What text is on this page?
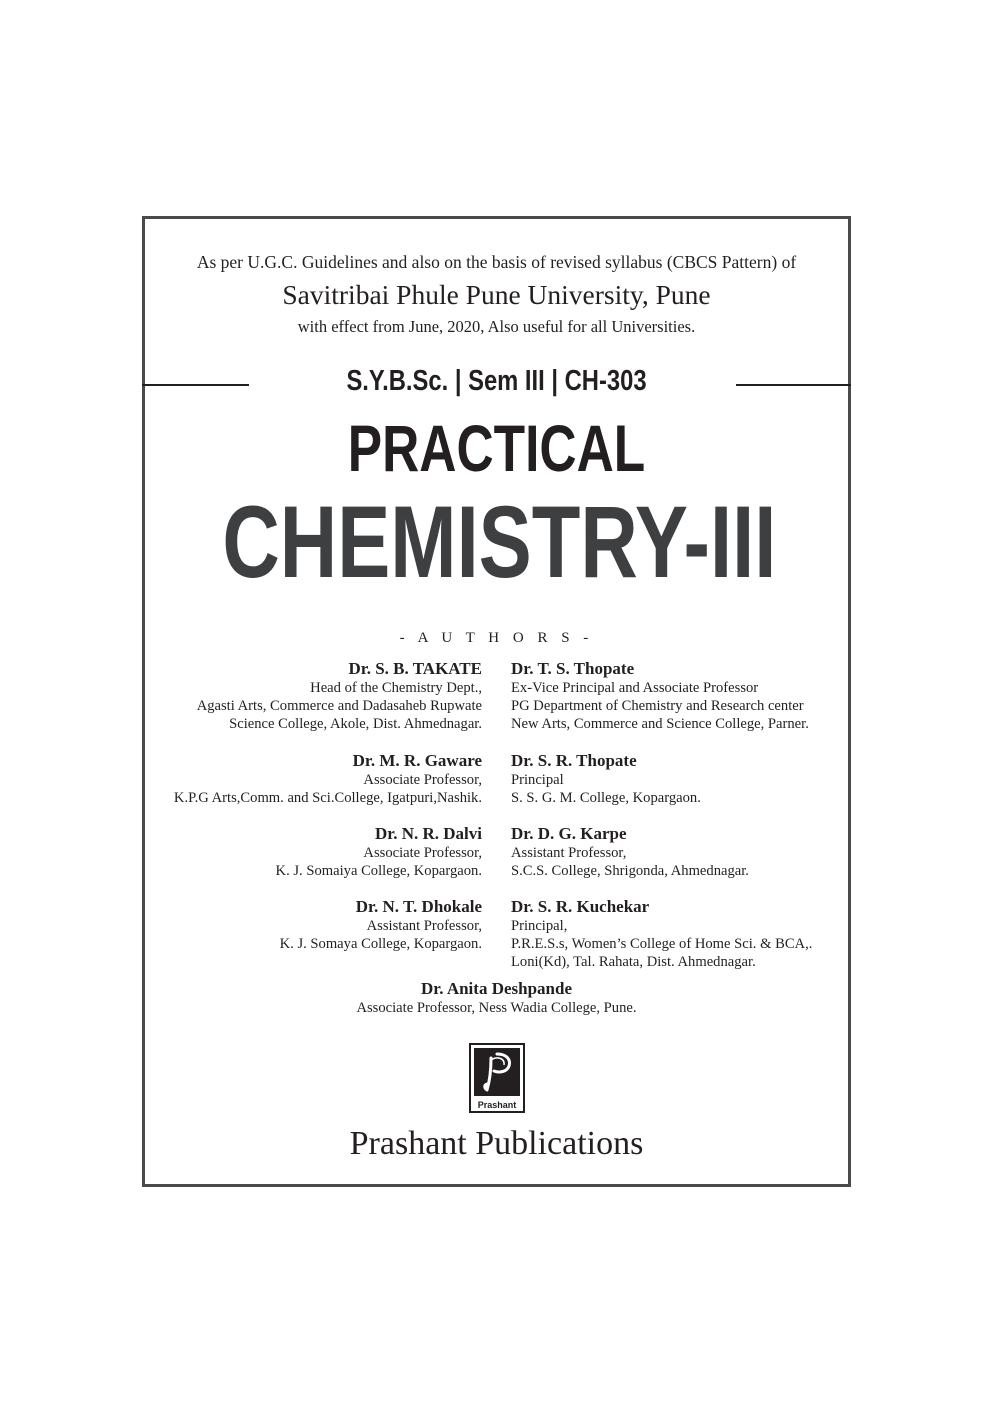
As per U.G.C. Guidelines and also on the basis of revised syllabus (CBCS Pattern) of
Savitribai Phule Pune University, Pune
with effect from June, 2020, Also useful for all Universities.
S.Y.B.Sc. | Sem III | CH-303
PRACTICAL
CHEMISTRY-III
- A U T H O R S -
Dr. S. B. TAKATE
Head of the Chemistry Dept.,
Agasti Arts, Commerce and Dadasaheb Rupwate
Science College, Akole, Dist. Ahmednagar.
Dr. M. R. Gaware
Associate Professor,
K.P.G Arts,Comm. and Sci.College, Igatpuri,Nashik.
Dr. N. R. Dalvi
Associate Professor,
K. J. Somaiya College, Kopargaon.
Dr. N. T. Dhokale
Assistant Professor,
K. J. Somaya College, Kopargaon.
Dr. T. S. Thopate
Ex-Vice Principal and Associate Professor
PG Department of Chemistry and Research center
New Arts, Commerce and Science College, Parner.
Dr. S. R. Thopate
Principal
S. S. G. M. College, Kopargaon.
Dr. D. G. Karpe
Assistant Professor,
S.C.S. College, Shrigonda, Ahmednagar.
Dr. S. R. Kuchekar
Principal,
P.R.E.S.s, Women’s College of Home Sci. & BCA,.
Loni(Kd), Tal. Rahata, Dist. Ahmednagar.
Dr. Anita Deshpande
Associate Professor, Ness Wadia College, Pune.
Prashant
Prashant Publications
